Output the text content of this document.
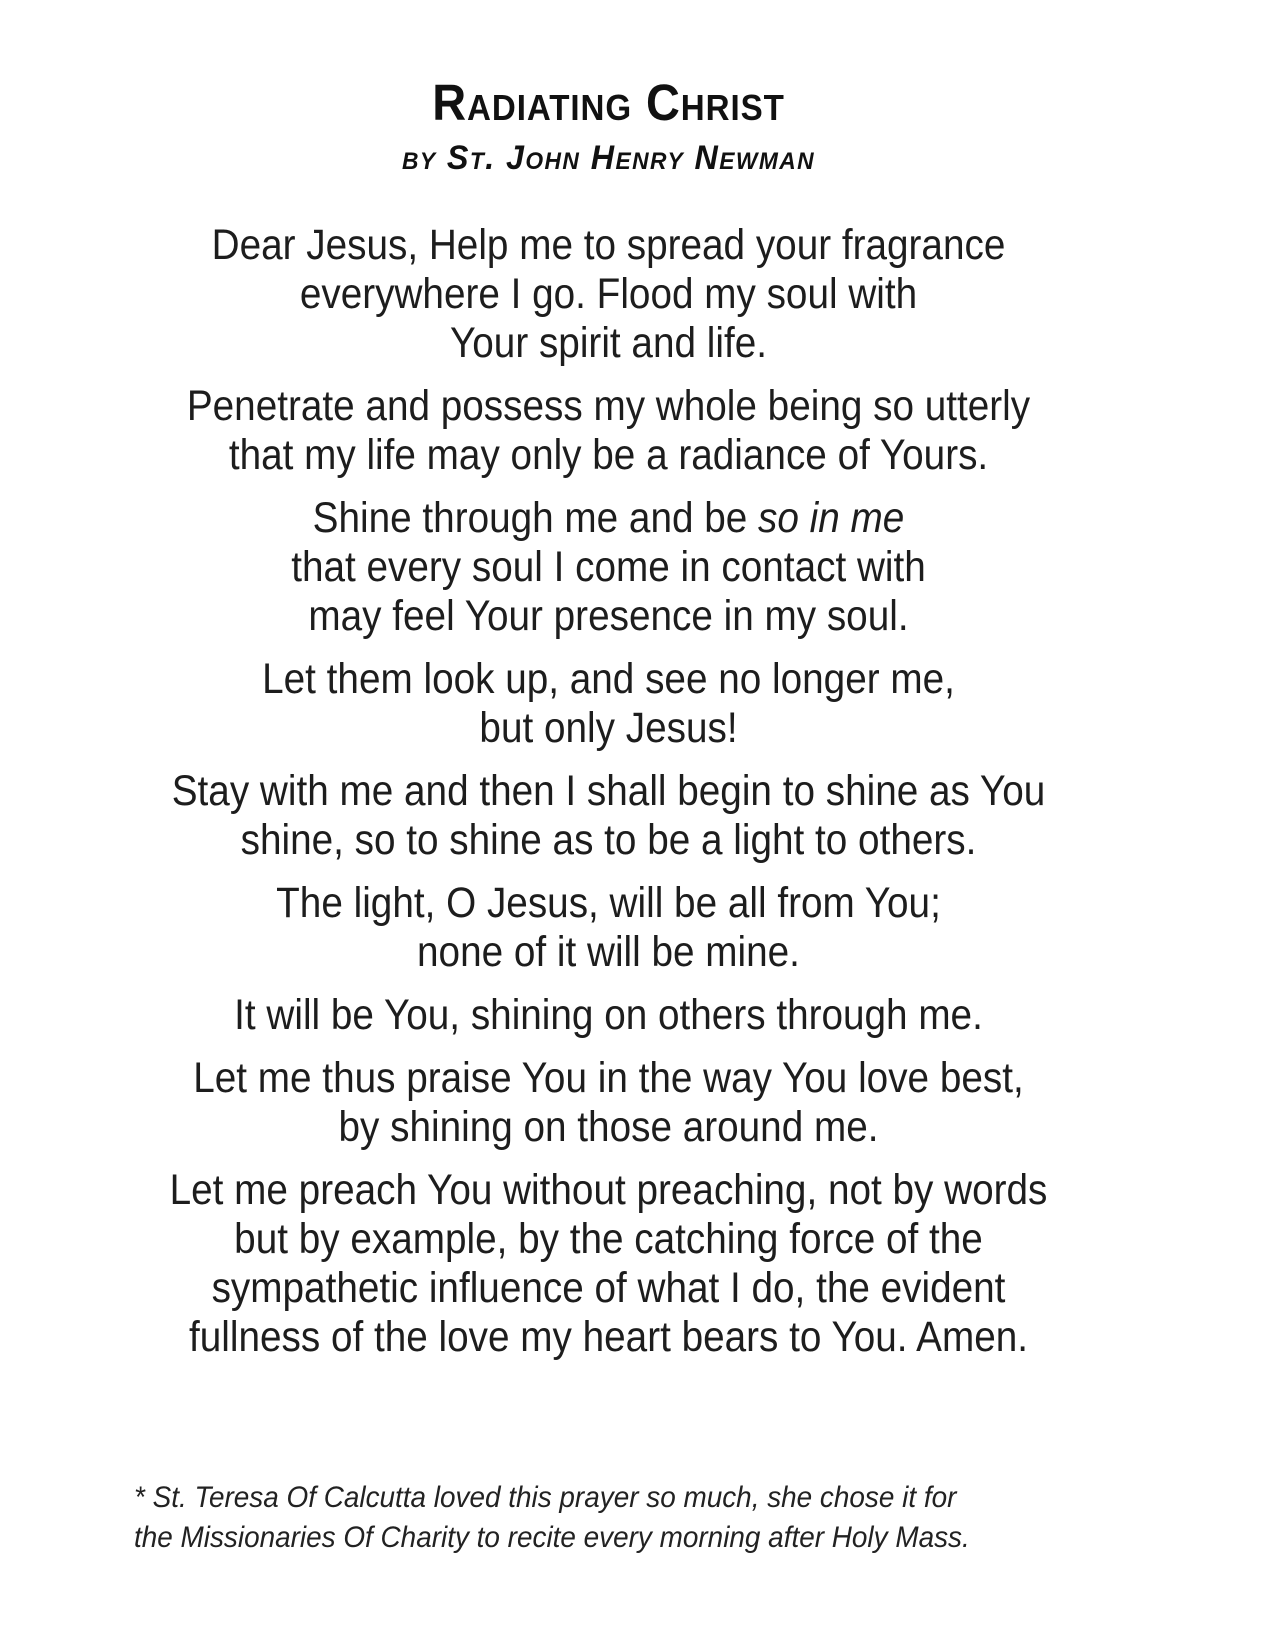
Radiating Christ
by St. John Henry Newman
Dear Jesus, Help me to spread your fragrance
everywhere I go. Flood my soul with
Your spirit and life.
Penetrate and possess my whole being so utterly
that my life may only be a radiance of Yours.
Shine through me and be so in me
that every soul I come in contact with
may feel Your presence in my soul.
Let them look up, and see no longer me,
but only Jesus!
Stay with me and then I shall begin to shine as You
shine, so to shine as to be a light to others.
The light, O Jesus, will be all from You;
none of it will be mine.
It will be You, shining on others through me.
Let me thus praise You in the way You love best,
by shining on those around me.
Let me preach You without preaching, not by words
but by example, by the catching force of the
sympathetic influence of what I do, the evident
fullness of the love my heart bears to You. Amen.
* St. Teresa Of Calcutta loved this prayer so much, she chose it for
the Missionaries Of Charity to recite every morning after Holy Mass.
